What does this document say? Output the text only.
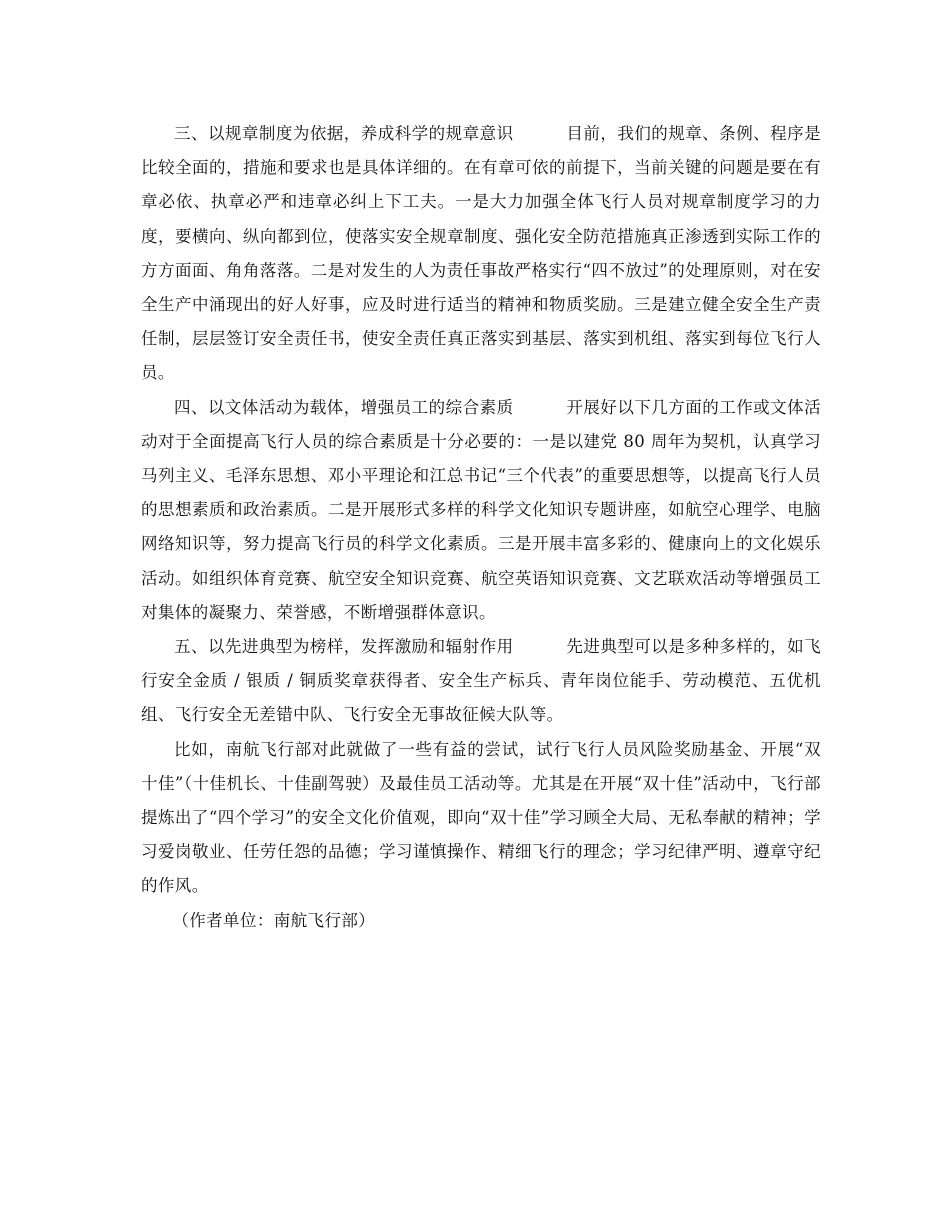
三、以规章制度为依据，养成科学的规章意识	目前，我们的规章、条例、程序是比较全面的，措施和要求也是具体详细的。在有章可依的前提下，当前关键的问题是要在有章必依、执章必严和违章必纠上下工夫。一是大力加强全体飞行人员对规章制度学习的力度，要横向、纵向都到位，使落实安全规章制度、强化安全防范措施真正渗透到实际工作的方方面面、角角落落。二是对发生的人为责任事故严格实行“四不放过”的处理原则，对在安全生产中涌现出的好人好事，应及时进行适当的精神和物质奖励。三是建立健全安全生产责任制，层层签订安全责任书，使安全责任真正落实到基层、落实到机组、落实到每位飞行人员。

四、以文体活动为载体，增强员工的综合素质	开展好以下几方面的工作或文体活动对于全面提高飞行人员的综合素质是十分必要的：一是以建党 80 周年为契机，认真学习马列主义、毛泽东思想、邓小平理论和江总书记“三个代表”的重要思想等，以提高飞行人员的思想素质和政治素质。二是开展形式多样的科学文化知识专题讲座，如航空心理学、电脑网络知识等，努力提高飞行员的科学文化素质。三是开展丰富多彩的、健康向上的文化娱乐活动。如组织体育竞赛、航空安全知识竞赛、航空英语知识竞赛、文艺联欢活动等增强员工对集体的凝聚力、荣誉感，不断增强群体意识。

五、以先进典型为榜样，发挥激励和辐射作用	先进典型可以是多种多样的，如飞行安全金质 / 银质 / 铜质奖章获得者、安全生产标兵、青年岗位能手、劳动模范、五优机组、飞行安全无差错中队、飞行安全无事故征候大队等。

比如，南航飞行部对此就做了一些有益的尝试，试行飞行人员风险奖励基金、开展“双十佳”（十佳机长、十佳副驾驶）及最佳员工活动等。尤其是在开展“双十佳”活动中，飞行部提炼出了“四个学习”的安全文化价值观，即向“双十佳”学习顾全大局、无私奉献的精神；学习爱岗敬业、任劳任怨的品德；学习谨慎操作、精细飞行的理念；学习纪律严明、遵章守纪的作风。

（作者单位：南航飞行部）
